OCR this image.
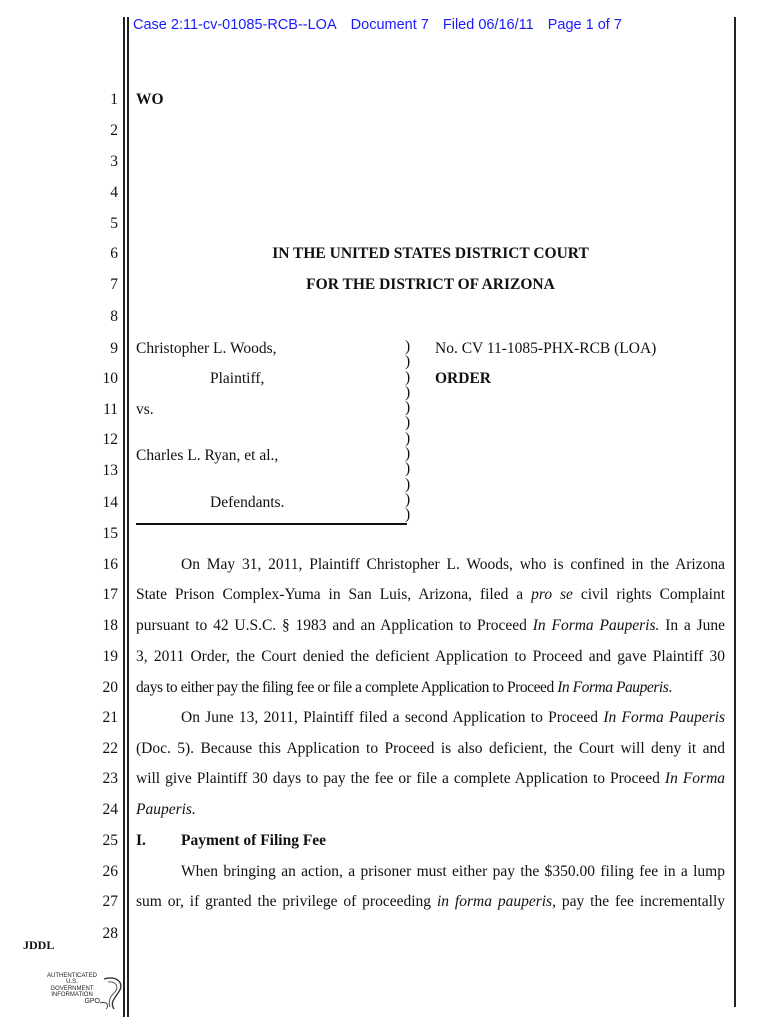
Case 2:11-cv-01085-RCB--LOA Document 7 Filed 06/16/11 Page 1 of 7
1
2
3
4
5
6
7
8
9
10
11
12
13
14
15
16
17
18
19
20
21
22
23
24
25
26
27
28
WO
IN THE UNITED STATES DISTRICT COURT
FOR THE DISTRICT OF ARIZONA
Christopher L. Woods,
Plaintiff,
vs.
Charles L. Ryan, et al.,
Defendants.
)
)
)
)
)
)
)
)
)
)
)
)
No. CV 11-1085-PHX-RCB (LOA)
ORDER
On May 31, 2011, Plaintiff Christopher L. Woods, who is confined in the Arizona
State Prison Complex-Yuma in San Luis, Arizona, filed a pro se civil rights Complaint
pursuant to 42 U.S.C. § 1983 and an Application to Proceed In Forma Pauperis. In a June
3, 2011 Order, the Court denied the deficient Application to Proceed and gave Plaintiff 30
days to either pay the filing fee or file a complete Application to Proceed In Forma Pauperis.
On June 13, 2011, Plaintiff filed a second Application to Proceed In Forma Pauperis
(Doc. 5). Because this Application to Proceed is also deficient, the Court will deny it and
will give Plaintiff 30 days to pay the fee or file a complete Application to Proceed In Forma
Pauperis.
I. Payment of Filing Fee
When bringing an action, a prisoner must either pay the $350.00 filing fee in a lump
sum or, if granted the privilege of proceeding in forma pauperis, pay the fee incrementally
JDDL
AUTHENTICATED
U.S. GOVERNMENT
INFORMATION
GPO
